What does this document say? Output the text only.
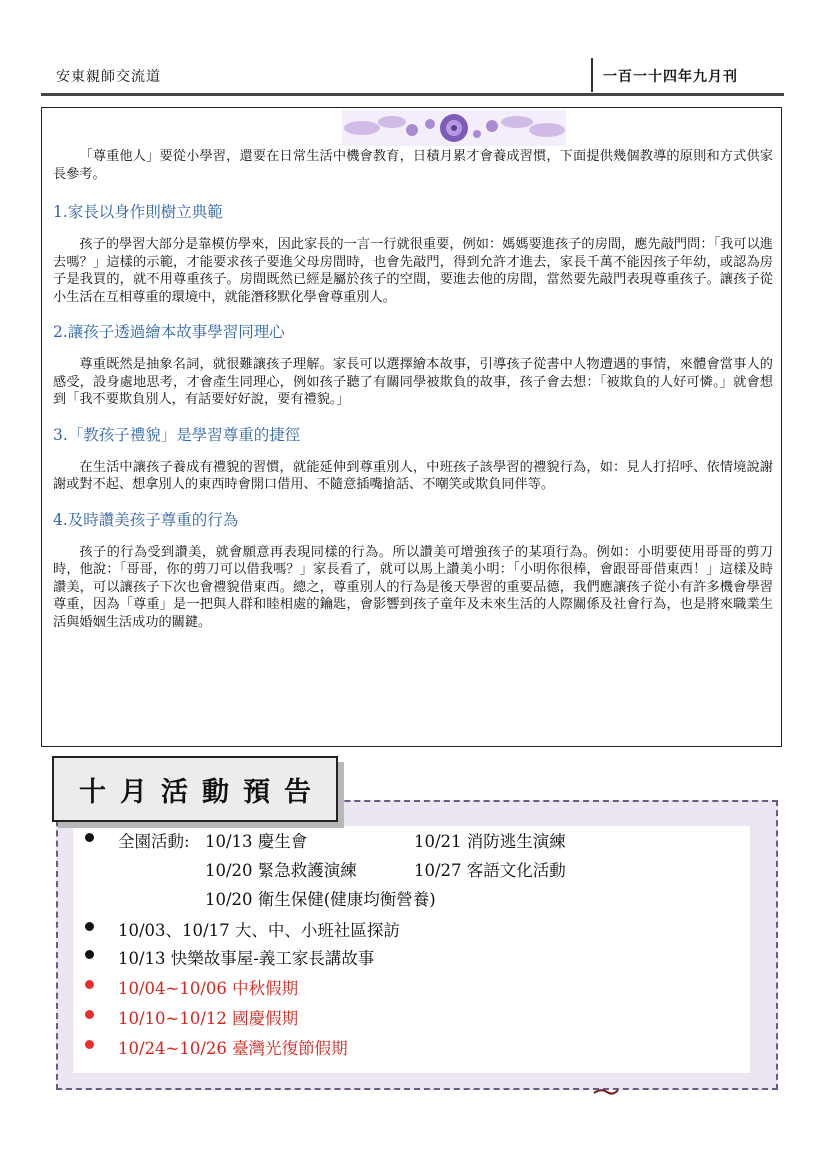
安東親師交流道	一百一十四年九月刊

「尊重他人」要從小學習，還要在日常生活中機會教育，日積月累才會養成習慣，下面提供幾個教導的原則和方式供家長參考。

1.家長以身作則樹立典範

孩子的學習大部分是靠模仿學來，因此家長的一言一行就很重要，例如：媽媽要進孩子的房間，應先敲門問：「我可以進去嗎？」這樣的示範，才能要求孩子要進父母房間時，也會先敲門，得到允許才進去，家長千萬不能因孩子年幼，或認為房子是我買的，就不用尊重孩子。房間既然已經是屬於孩子的空間，要進去他的房間，當然要先敲門表現尊重孩子。讓孩子從小生活在互相尊重的環境中，就能潛移默化學會尊重別人。

2.讓孩子透過繪本故事學習同理心

尊重既然是抽象名詞，就很難讓孩子理解。家長可以選擇繪本故事，引導孩子從書中人物遭遇的事情，來體會當事人的感受，設身處地思考，才會產生同理心，例如孩子聽了有關同學被欺負的故事，孩子會去想：「被欺負的人好可憐。」就會想到「我不要欺負別人，有話要好好說，要有禮貌。」

3.「教孩子禮貌」是學習尊重的捷徑

在生活中讓孩子養成有禮貌的習慣，就能延伸到尊重別人，中班孩子該學習的禮貌行為，如：見人打招呼、依情境說謝謝或對不起、想拿別人的東西時會開口借用、不隨意插嘴搶話、不嘲笑或欺負同伴等。

4.及時讚美孩子尊重的行為

孩子的行為受到讚美，就會願意再表現同樣的行為。所以讚美可增強孩子的某項行為。例如：小明要使用哥哥的剪刀時，他說：「哥哥，你的剪刀可以借我嗎？」家長看了，就可以馬上讚美小明：「小明你很棒，會跟哥哥借東西！」這樣及時讚美，可以讓孩子下次也會禮貌借東西。總之，尊重別人的行為是後天學習的重要品德，我們應讓孩子從小有許多機會學習尊重，因為「尊重」是一把與人群和睦相處的鑰匙，會影響到孩子童年及未來生活的人際關係及社會行為，也是將來職業生活與婚姻生活成功的關鍵。

十月活動預告
全園活動: 10/13 慶生會	10/21 消防逃生演練
10/20 緊急救護演練	10/27 客語文化活動
10/20 衛生保健(健康均衡營養)
10/03、10/17 大、中、小班社區探訪
10/13 快樂故事屋-義工家長講故事
10/04~10/06 中秋假期
10/10~10/12 國慶假期
10/24~10/26 臺灣光復節假期
